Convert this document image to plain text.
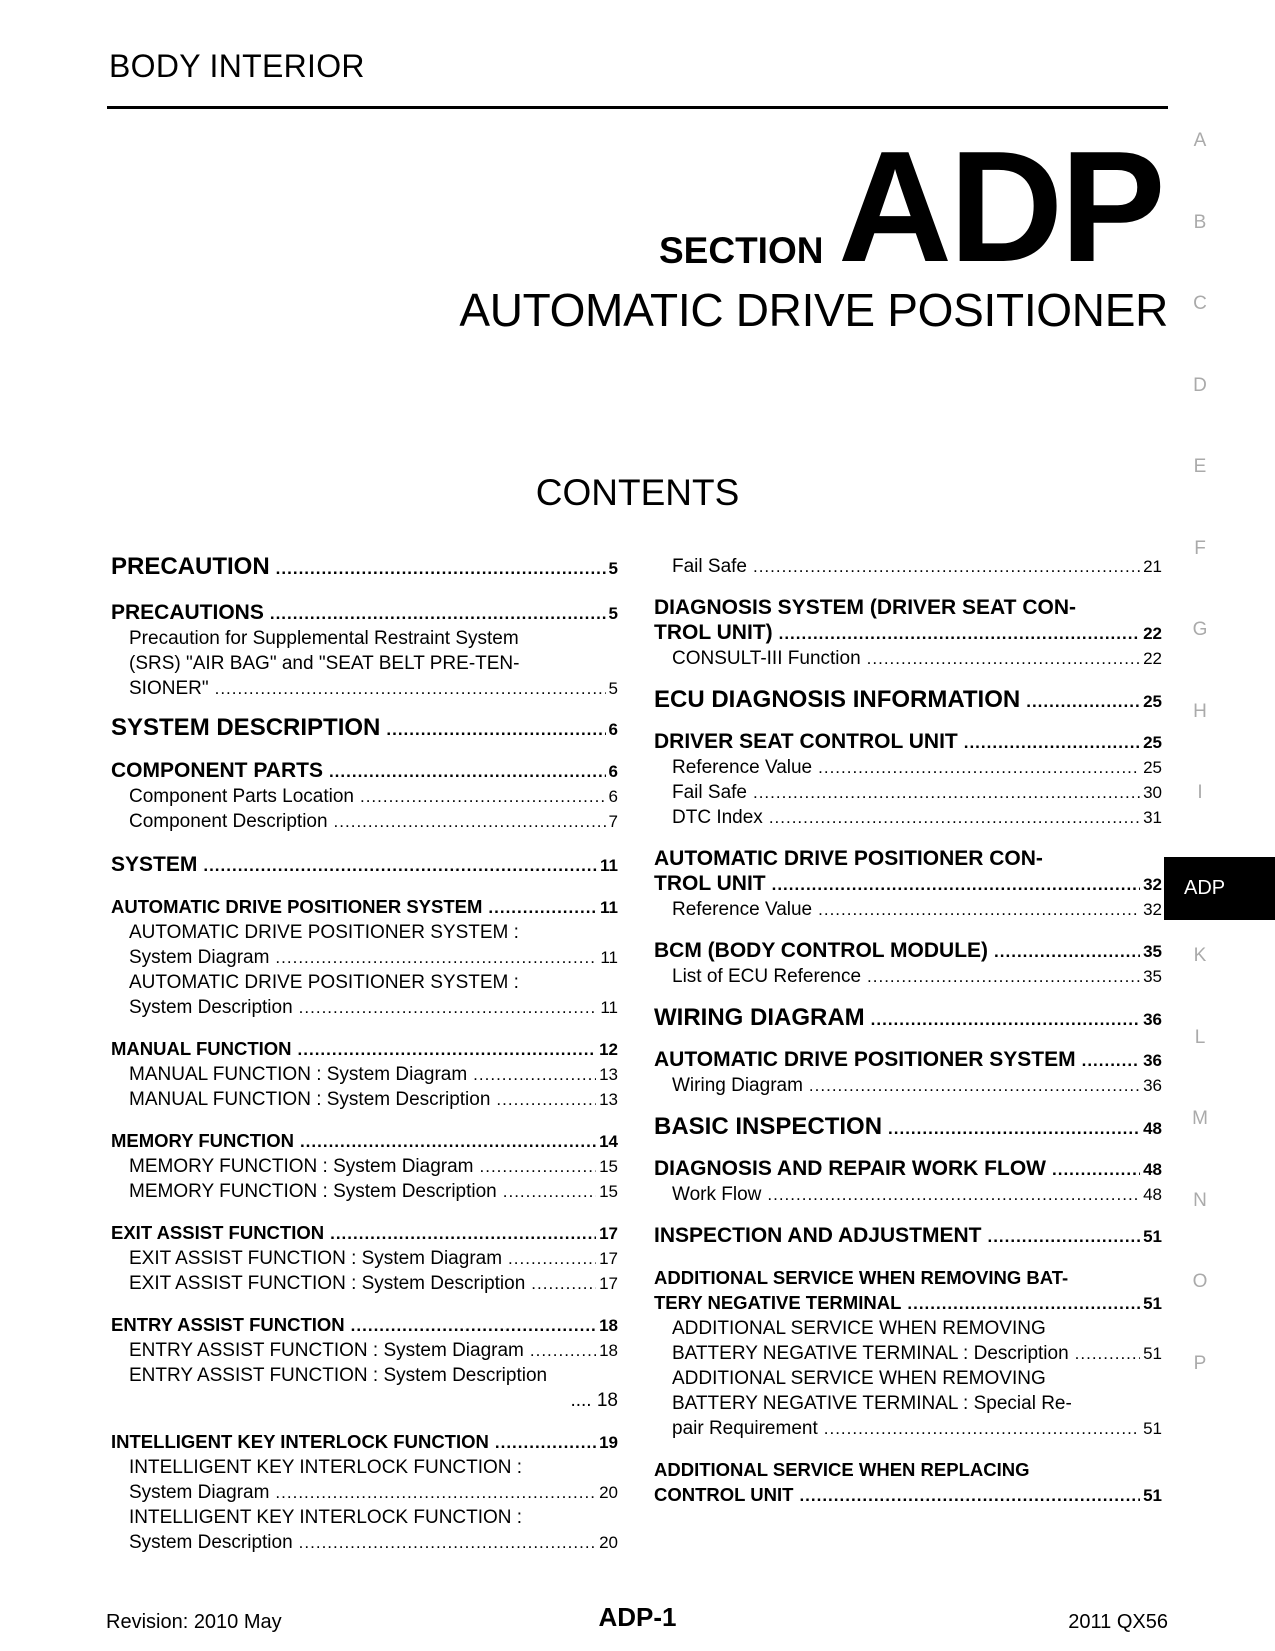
BODY INTERIOR
SECTION ADP
AUTOMATIC DRIVE POSITIONER
CONTENTS
PRECAUTION .....	5
PRECAUTIONS .....	5
Precaution for Supplemental Restraint System
(SRS) "AIR BAG" and "SEAT BELT PRE-TEN-
SIONER" .....	5
SYSTEM DESCRIPTION .....	6
COMPONENT PARTS .....	6
Component Parts Location .....	6
Component Description .....	7
SYSTEM .....	11
AUTOMATIC DRIVE POSITIONER SYSTEM .....	11
AUTOMATIC DRIVE POSITIONER SYSTEM :
System Diagram .....	11
AUTOMATIC DRIVE POSITIONER SYSTEM :
System Description .....	11
MANUAL FUNCTION .....	12
MANUAL FUNCTION : System Diagram .....	13
MANUAL FUNCTION : System Description .....	13
MEMORY FUNCTION .....	14
MEMORY FUNCTION : System Diagram .....	15
MEMORY FUNCTION : System Description .....	15
EXIT ASSIST FUNCTION .....	17
EXIT ASSIST FUNCTION : System Diagram .....	17
EXIT ASSIST FUNCTION : System Description .....	17
ENTRY ASSIST FUNCTION .....	18
ENTRY ASSIST FUNCTION : System Diagram .....	18
ENTRY ASSIST FUNCTION : System Description
.... 18
INTELLIGENT KEY INTERLOCK FUNCTION .....	19
INTELLIGENT KEY INTERLOCK FUNCTION :
System Diagram .....	20
INTELLIGENT KEY INTERLOCK FUNCTION :
System Description .....	20
Fail Safe .....	21
DIAGNOSIS SYSTEM (DRIVER SEAT CON-
TROL UNIT) .....	22
CONSULT-III Function .....	22
ECU DIAGNOSIS INFORMATION .....	25
DRIVER SEAT CONTROL UNIT .....	25
Reference Value .....	25
Fail Safe .....	30
DTC Index .....	31
AUTOMATIC DRIVE POSITIONER CON-
TROL UNIT .....	32
Reference Value .....	32
BCM (BODY CONTROL MODULE) .....	35
List of ECU Reference .....	35
WIRING DIAGRAM .....	36
AUTOMATIC DRIVE POSITIONER SYSTEM .....	36
Wiring Diagram .....	36
BASIC INSPECTION .....	48
DIAGNOSIS AND REPAIR WORK FLOW .....	48
Work Flow .....	48
INSPECTION AND ADJUSTMENT .....	51
ADDITIONAL SERVICE WHEN REMOVING BAT-
TERY NEGATIVE TERMINAL .....	51
ADDITIONAL SERVICE WHEN REMOVING
BATTERY NEGATIVE TERMINAL : Description .....	51
ADDITIONAL SERVICE WHEN REMOVING
BATTERY NEGATIVE TERMINAL : Special Re-
pair Requirement .....	51
ADDITIONAL SERVICE WHEN REPLACING
CONTROL UNIT .....	51
A
B
C
D
E
F
G
H
I
K
L
M
N
O
P
ADP
Revision: 2010 May	ADP-1	2011 QX56
